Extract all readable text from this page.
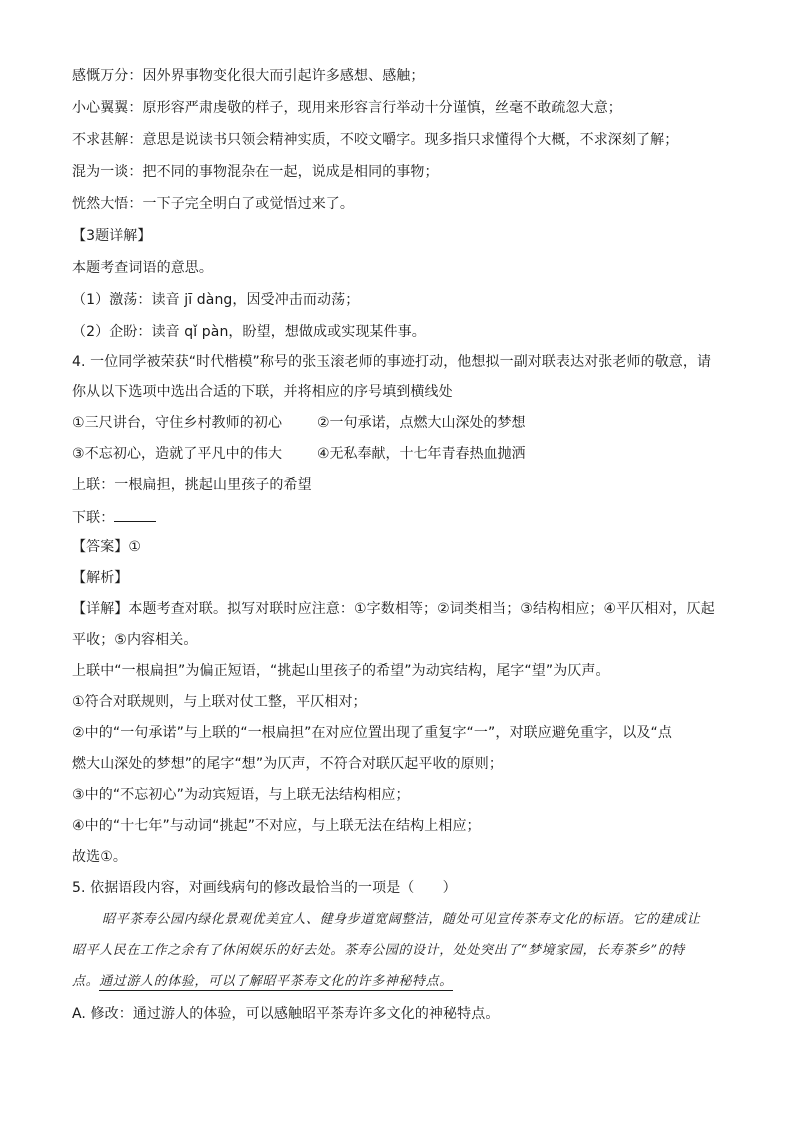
感慨万分：因外界事物变化很大而引起许多感想、感触；
小心翼翼：原形容严肃虔敬的样子，现用来形容言行举动十分谨慎，丝毫不敢疏忽大意；
不求甚解：意思是说读书只领会精神实质，不咬文嚼字。现多指只求懂得个大概，不求深刻了解；
混为一谈：把不同的事物混杂在一起，说成是相同的事物；
恍然大悟：一下子完全明白了或觉悟过来了。
【3题详解】
本题考查词语的意思。
（1）激荡：读音 jī dàng，因受冲击而动荡；
（2）企盼：读音 qǐ pàn，盼望，想做成或实现某件事。
4. 一位同学被荣获“时代楷模”称号的张玉滚老师的事迹打动，他想拟一副对联表达对张老师的敬意，请
你从以下选项中选出合适的下联，并将相应的序号填到横线处
①三尺讲台，守住乡村教师的初心 ②一句承诺，点燃大山深处的梦想
③不忘初心，造就了平凡中的伟大 ④无私奉献，十七年青春热血抛洒
上联：一根扁担，挑起山里孩子的希望
下联：
【答案】①
【解析】
【详解】本题考查对联。拟写对联时应注意：①字数相等；②词类相当；③结构相应；④平仄相对，仄起
平收；⑤内容相关。
上联中“一根扁担”为偏正短语，“挑起山里孩子的希望”为动宾结构，尾字“望”为仄声。
①符合对联规则，与上联对仗工整，平仄相对；
②中的“一句承诺”与上联的“一根扁担”在对应位置出现了重复字“一”，对联应避免重字，以及“点
燃大山深处的梦想”的尾字“想”为仄声，不符合对联仄起平收的原则；
③中的“不忘初心”为动宾短语，与上联无法结构相应；
④中的“十七年”与动词“挑起”不对应，与上联无法在结构上相应；
故选①。
5. 依据语段内容，对画线病句的修改最恰当的一项是（　　）
昭平茶寿公园内绿化景观优美宜人、健身步道宽阔整洁，随处可见宣传茶寿文化的标语。它的建成让
昭平人民在工作之余有了休闲娱乐的好去处。茶寿公园的设计，处处突出了“梦境家园，长寿茶乡”的特
点。通过游人的体验，可以了解昭平茶寿文化的许多神秘特点。
A. 修改：通过游人的体验，可以感触昭平茶寿许多文化的神秘特点。
